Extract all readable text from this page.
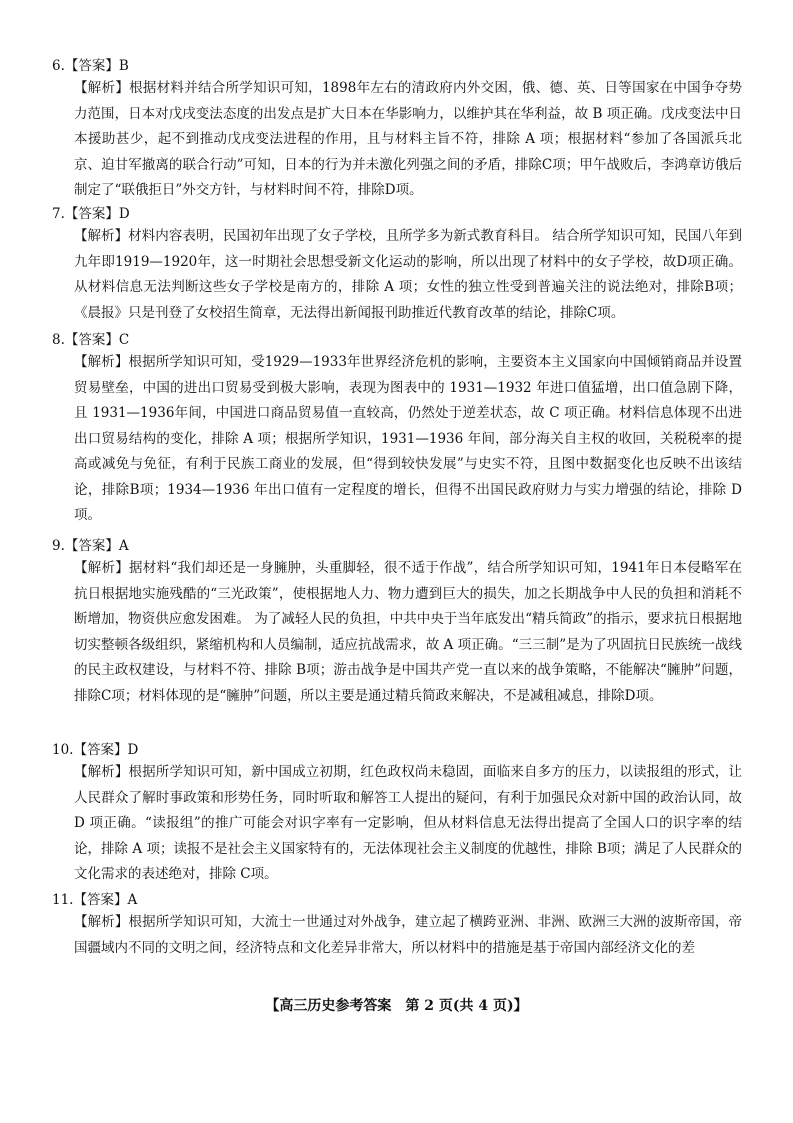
6.【答案】B
【解析】根据材料并结合所学知识可知，1898年左右的清政府内外交困，俄、德、英、日等国家在中国争夺势力范围，日本对戊戌变法态度的出发点是扩大日本在华影响力，以维护其在华利益，故 B 项正确。戊戌变法中日本援助甚少，起不到推动戊戌变法进程的作用，且与材料主旨不符，排除 A 项；根据材料“参加了各国派兵北京、迫甘军撤离的联合行动”可知，日本的行为并未激化列强之间的矛盾，排除C项；甲午战败后，李鸿章访俄后制定了“联俄拒日”外交方针，与材料时间不符，排除D项。
7.【答案】D
【解析】材料内容表明，民国初年出现了女子学校，且所学多为新式教育科目。 结合所学知识可知，民国八年到九年即1919—1920年，这一时期社会思想受新文化运动的影响，所以出现了材料中的女子学校，故D项正确。从材料信息无法判断这些女子学校是南方的，排除 A 项；女性的独立性受到普遍关注的说法绝对，排除B项；《晨报》只是刊登了女校招生简章，无法得出新闻报刊助推近代教育改革的结论，排除C项。
8.【答案】C
【解析】根据所学知识可知，受1929—1933年世界经济危机的影响，主要资本主义国家向中国倾销商品并设置贸易壁垒，中国的进出口贸易受到极大影响，表现为图表中的 1931—1932 年进口值猛增，出口值急剧下降，且 1931—1936年间，中国进口商品贸易值一直较高，仍然处于逆差状态，故 C 项正确。材料信息体现不出进出口贸易结构的变化，排除 A 项；根据所学知识，1931—1936 年间，部分海关自主权的收回，关税税率的提高或减免与免征，有利于民族工商业的发展，但“得到较快发展”与史实不符，且图中数据变化也反映不出该结论，排除B项；1934—1936 年出口值有一定程度的增长，但得不出国民政府财力与实力增强的结论，排除 D项。
9.【答案】A
【解析】据材料“我们却还是一身臃肿，头重脚轻，很不适于作战”，结合所学知识可知，1941年日本侵略军在抗日根据地实施残酷的“三光政策”，使根据地人力、物力遭到巨大的损失，加之长期战争中人民的负担和消耗不断增加，物资供应愈发困难。 为了减轻人民的负担，中共中央于当年底发出“精兵简政”的指示，要求抗日根据地切实整顿各级组织，紧缩机构和人员编制，适应抗战需求，故 A 项正确。“三三制”是为了巩固抗日民族统一战线的民主政权建设，与材料不符、排除 B项；游击战争是中国共产党一直以来的战争策略，不能解决“臃肿”问题，排除C项；材料体现的是“臃肿”问题，所以主要是通过精兵简政来解决，不是减租减息，排除D项。
10.【答案】D
【解析】根据所学知识可知，新中国成立初期，红色政权尚未稳固，面临来自多方的压力，以读报组的形式，让人民群众了解时事政策和形势任务，同时听取和解答工人提出的疑问，有利于加强民众对新中国的政治认同，故D 项正确。“读报组”的推广可能会对识字率有一定影响，但从材料信息无法得出提高了全国人口的识字率的结论，排除 A 项；读报不是社会主义国家特有的，无法体现社会主义制度的优越性，排除 B项；满足了人民群众的文化需求的表述绝对，排除 C项。
11.【答案】A
【解析】根据所学知识可知，大流士一世通过对外战争，建立起了横跨亚洲、非洲、欧洲三大洲的波斯帝国，帝国疆域内不同的文明之间，经济特点和文化差异非常大，所以材料中的措施是基于帝国内部经济文化的差
【高三历史参考答案　第 2 页(共 4 页)】
